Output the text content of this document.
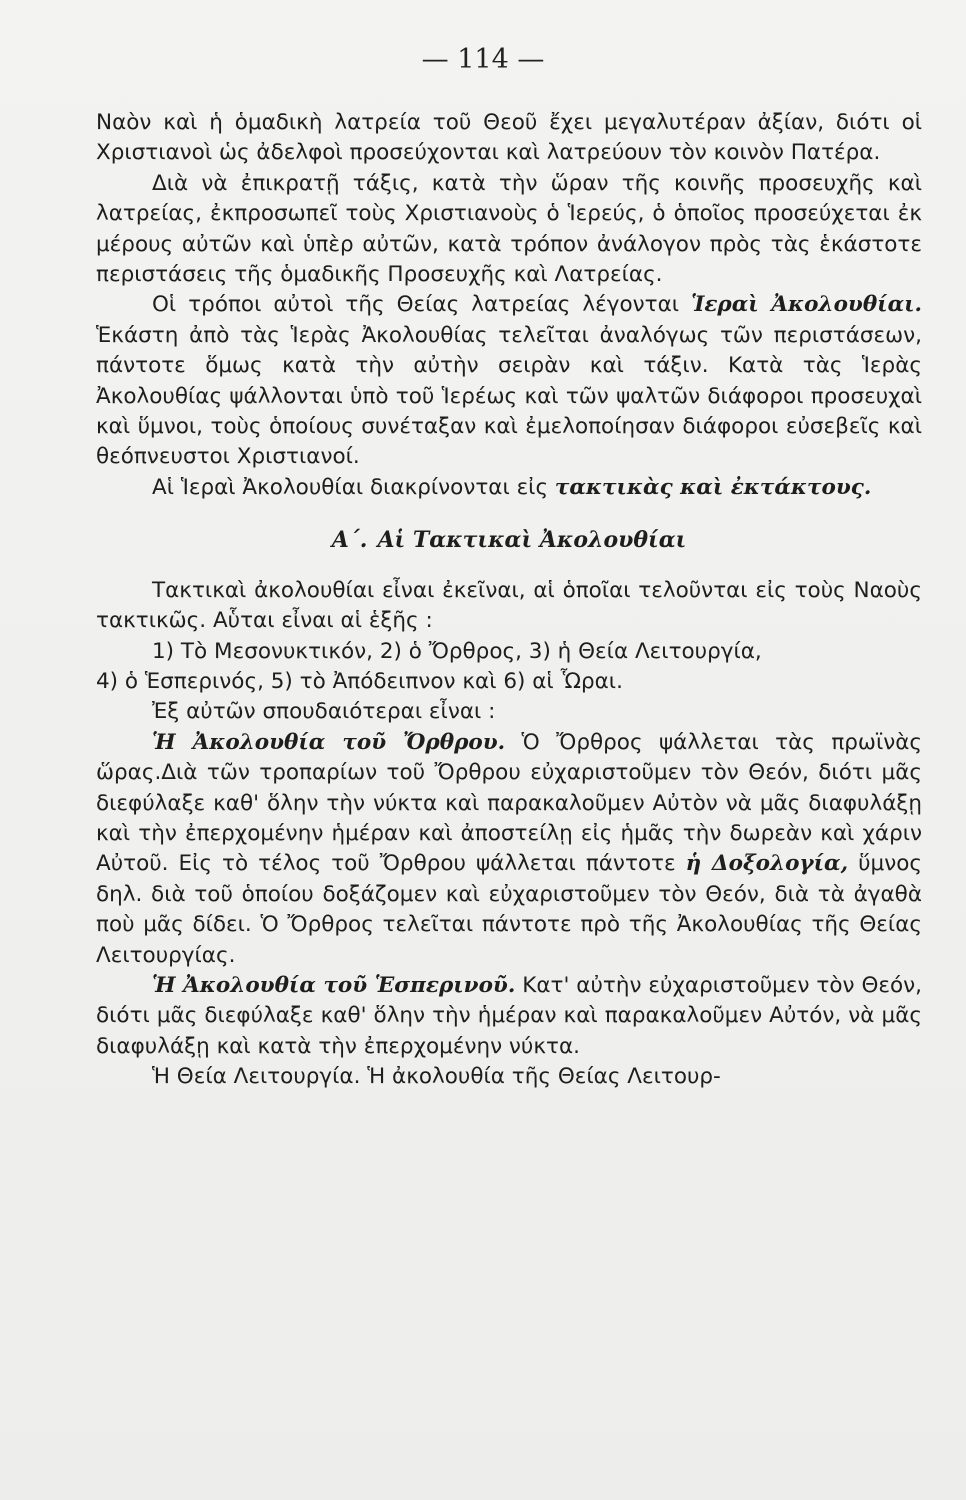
— 114 —

Ναὸν καὶ ἡ ὁμαδικὴ λατρεία τοῦ Θεοῦ ἔχει μεγαλυτέραν ἀξίαν, διότι οἱ Χριστιανοὶ ὡς ἀδελφοὶ προσεύχονται καὶ λατρεύουν τὸν κοινὸν Πατέρα.

Διὰ νὰ ἐπικρατῇ τάξις, κατὰ τὴν ὥραν τῆς κοινῆς προσευχῆς καὶ λατρείας, ἐκπροσωπεῖ τοὺς Χριστιανοὺς ὁ Ἱερεύς, ὁ ὁποῖος προσεύχεται ἐκ μέρους αὐτῶν καὶ ὑπὲρ αὐτῶν, κατὰ τρόπον ἀνάλογον πρὸς τὰς ἑκάστοτε περιστάσεις τῆς ὁμαδικῆς Προσευχῆς καὶ Λατρείας.

Οἱ τρόποι αὐτοὶ τῆς Θείας λατρείας λέγονται Ἱεραὶ Ἀκολουθίαι. Ἑκάστη ἀπὸ τὰς Ἱερὰς Ἀκολουθίας τελεῖται ἀναλόγως τῶν περιστάσεων, πάντοτε ὅμως κατὰ τὴν αὐτὴν σειρὰν καὶ τάξιν. Κατὰ τὰς Ἱερὰς Ἀκολουθίας ψάλλονται ὑπὸ τοῦ Ἱερέως καὶ τῶν ψαλτῶν διάφοροι προσευχαὶ καὶ ὕμνοι, τοὺς ὁποίους συνέταξαν καὶ ἐμελοποίησαν διάφοροι εὐσεβεῖς καὶ θεόπνευστοι Χριστιανοί.

Αἱ Ἱεραὶ Ἀκολουθίαι διακρίνονται εἰς τακτικὰς καὶ ἐκτάκτους.

Α΄. Αἱ Τακτικαὶ Ἀκολουθίαι

Τακτικαὶ ἀκολουθίαι εἶναι ἐκεῖναι, αἱ ὁποῖαι τελοῦνται εἰς τοὺς Ναοὺς τακτικῶς. Αὗται εἶναι αἱ ἑξῆς :

1) Τὸ Μεσονυκτικόν, 2) ὁ Ὄρθρος, 3) ἡ Θεία Λειτουργία,

4) ὁ Ἑσπερινός, 5) τὸ Ἀπόδειπνον καὶ 6) αἱ Ὧραι.

Ἐξ αὐτῶν σπουδαιότεραι εἶναι :

Ἡ Ἀκολουθία τοῦ Ὄρθρου. Ὁ Ὄρθρος ψάλλεται τὰς πρωϊνὰς ὥρας.Διὰ τῶν τροπαρίων τοῦ Ὄρθρου εὐχαριστοῦμεν τὸν Θεόν, διότι μᾶς διεφύλαξε καθ' ὅλην τὴν νύκτα καὶ παρακαλοῦμεν Αὐτὸν νὰ μᾶς διαφυλάξῃ καὶ τὴν ἐπερχομένην ἡμέραν καὶ ἀποστείλῃ εἰς ἡμᾶς τὴν δωρεὰν καὶ χάριν Αὐτοῦ. Εἰς τὸ τέλος τοῦ Ὄρθρου ψάλλεται πάντοτε ἡ Δοξολογία, ὕμνος δηλ. διὰ τοῦ ὁποίου δοξάζομεν καὶ εὐχαριστοῦμεν τὸν Θεόν, διὰ τὰ ἀγαθὰ ποὺ μᾶς δίδει. Ὁ Ὄρθρος τελεῖται πάντοτε πρὸ τῆς Ἀκολουθίας τῆς Θείας Λειτουργίας.

Ἡ Ἀκολουθία τοῦ Ἑσπερινοῦ. Κατ' αὐτὴν εὐχαριστοῦμεν τὸν Θεόν, διότι μᾶς διεφύλαξε καθ' ὅλην τὴν ἡμέραν καὶ παρακαλοῦμεν Αὐτόν, νὰ μᾶς διαφυλάξῃ καὶ κατὰ τὴν ἐπερχομένην νύκτα.

Ἡ Θεία Λειτουργία. Ἡ ἀκολουθία τῆς Θείας Λειτουρ-
